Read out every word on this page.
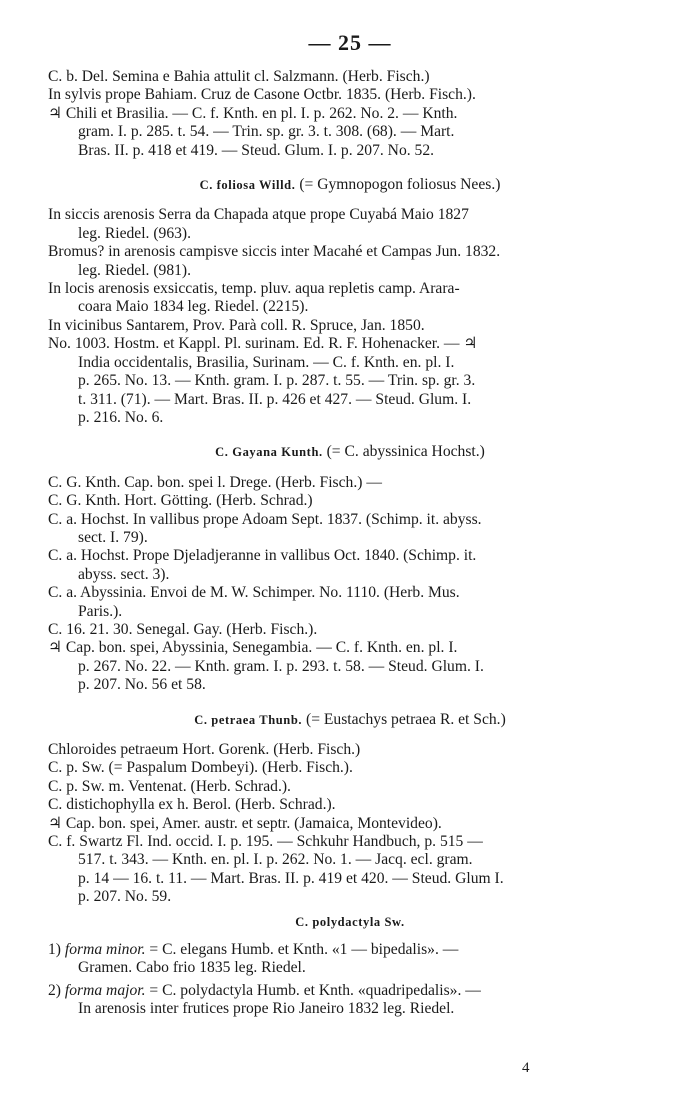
— 25 —
C. b. Del. Semina e Bahia attulit cl. Salzmann. (Herb. Fisch.)
In sylvis prope Bahiam. Cruz de Casone Octbr. 1835. (Herb. Fisch.).
♃ Chili et Brasilia. — C. f. Knth. en pl. I. p. 262. No. 2. — Knth.
gram. I. p. 285. t. 54. — Trin. sp. gr. 3. t. 308. (68). — Mart.
Bras. II. p. 418 et 419. — Steud. Glum. I. p. 207. No. 52.
C. foliosa Willd. (= Gymnopogon foliosus Nees.)
In siccis arenosis Serra da Chapada atque prope Cuyabá Maio 1827
leg. Riedel. (963).
Bromus? in arenosis campisve siccis inter Macahé et Campas Jun. 1832.
leg. Riedel. (981).
In locis arenosis exsiccatis, temp. pluv. aqua repletis camp. Arara-
coara Maio 1834 leg. Riedel. (2215).
In vicinibus Santarem, Prov. Parà coll. R. Spruce, Jan. 1850.
No. 1003. Hostm. et Kappl. Pl. surinam. Ed. R. F. Hohenacker. — ♃
India occidentalis, Brasilia, Surinam. — C. f. Knth. en. pl. I.
p. 265. No. 13. — Knth. gram. I. p. 287. t. 55. — Trin. sp. gr. 3.
t. 311. (71). — Mart. Bras. II. p. 426 et 427. — Steud. Glum. I.
p. 216. No. 6.
C. Gayana Kunth. (= C. abyssinica Hochst.)
C. G. Knth. Cap. bon. spei l. Drege. (Herb. Fisch.) —
C. G. Knth. Hort. Götting. (Herb. Schrad.)
C. a. Hochst. In vallibus prope Adoam Sept. 1837. (Schimp. it. abyss.
sect. I. 79).
C. a. Hochst. Prope Djeladjeranne in vallibus Oct. 1840. (Schimp. it.
abyss. sect. 3).
C. a. Abyssinia. Envoi de M. W. Schimper. No. 1110. (Herb. Mus.
Paris.).
C. 16. 21. 30. Senegal. Gay. (Herb. Fisch.).
♃ Cap. bon. spei, Abyssinia, Senegambia. — C. f. Knth. en. pl. I.
p. 267. No. 22. — Knth. gram. I. p. 293. t. 58. — Steud. Glum. I.
p. 207. No. 56 et 58.
C. petraea Thunb. (= Eustachys petraea R. et Sch.)
Chloroides petraeum Hort. Gorenk. (Herb. Fisch.)
C. p. Sw. (= Paspalum Dombeyi). (Herb. Fisch.).
C. p. Sw. m. Ventenat. (Herb. Schrad.).
C. distichophylla ex h. Berol. (Herb. Schrad.).
♃ Cap. bon. spei, Amer. austr. et septr. (Jamaica, Montevideo).
C. f. Swartz Fl. Ind. occid. I. p. 195. — Schkuhr Handbuch, p. 515 —
517. t. 343. — Knth. en. pl. I. p. 262. No. 1. — Jacq. ecl. gram.
p. 14 — 16. t. 11. — Mart. Bras. II. p. 419 et 420. — Steud. Glum I.
p. 207. No. 59.
C. polydactyla Sw.
1) forma minor. = C. elegans Humb. et Knth. «1 — bipedalis». —
Gramen. Cabo frio 1835 leg. Riedel.
2) forma major. = C. polydactyla Humb. et Knth. «quadripedalis». —
In arenosis inter frutices prope Rio Janeiro 1832 leg. Riedel.
4
